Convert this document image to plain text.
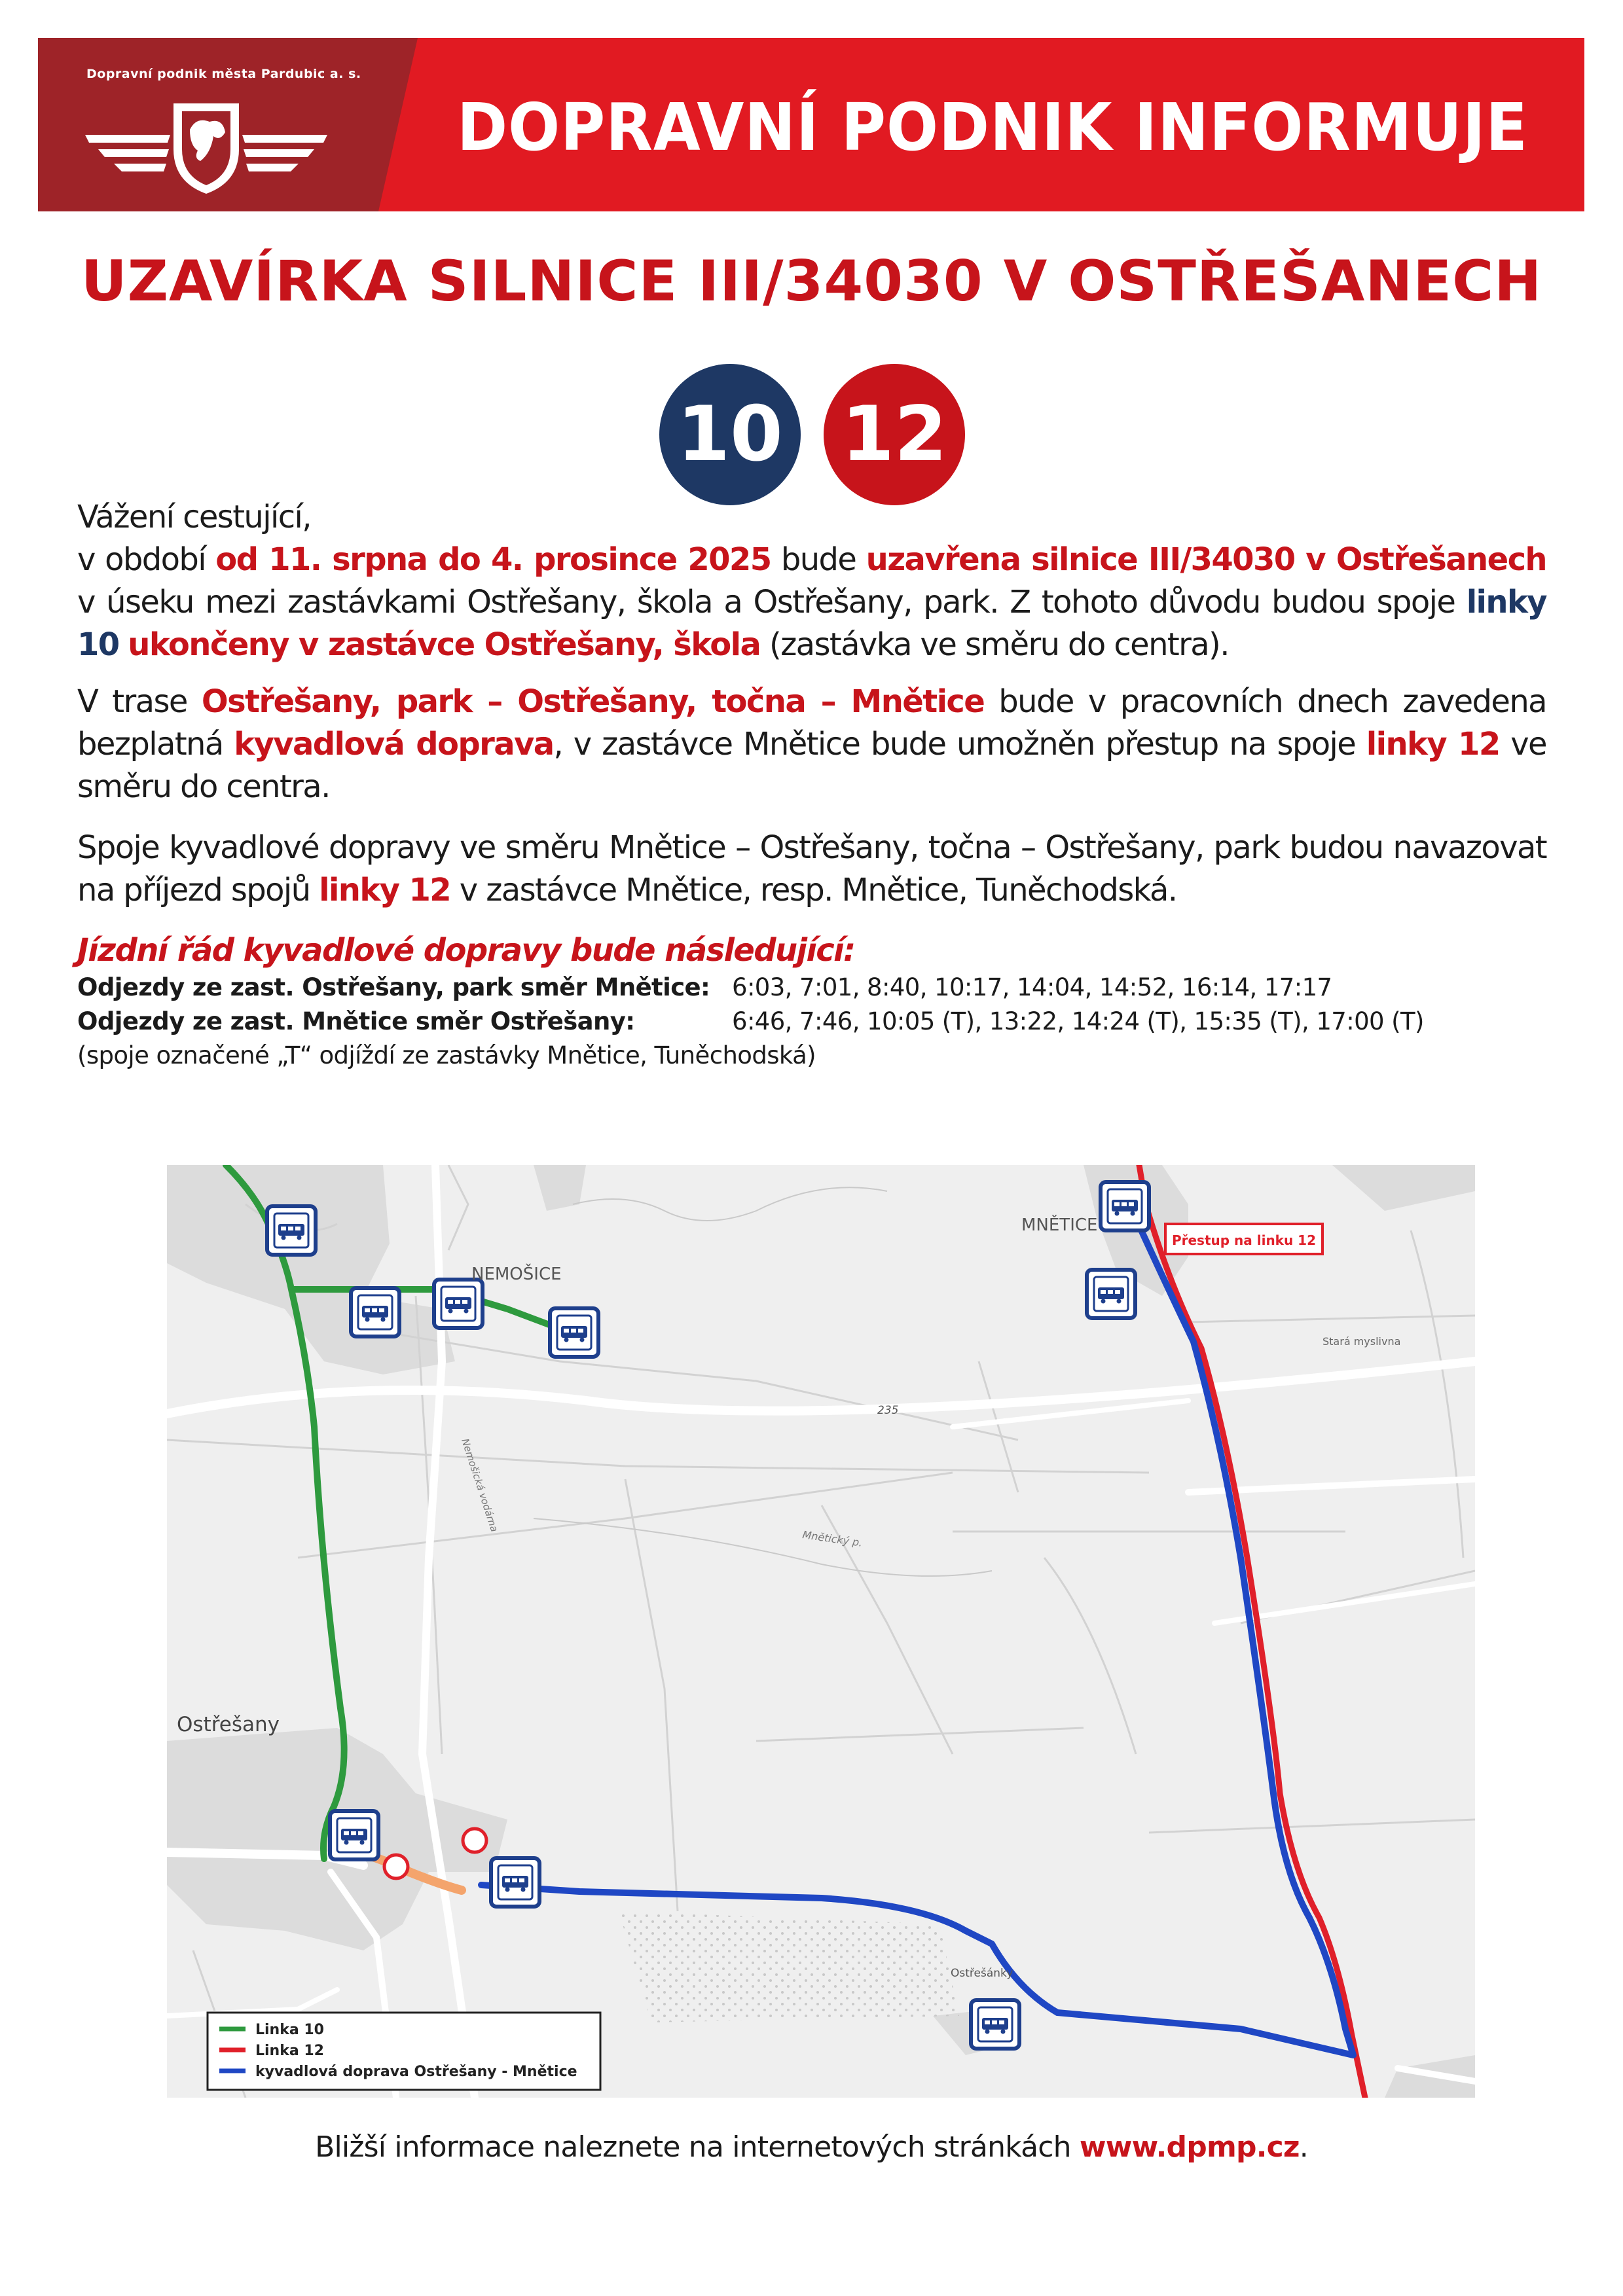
Dopravní podnik města Pardubic a. s.
DOPRAVNÍ PODNIK INFORMUJE
UZAVÍRKA SILNICE III/34030 V OSTŘEŠANECH
10 12

Vážení cestující,
v období od 11. srpna do 4. prosince 2025 bude uzavřena silnice III/34030 v Ostřešanech v úseku mezi zastávkami Ostřešany, škola a Ostřešany, park. Z tohoto důvodu budou spoje linky 10 ukončeny v zastávce Ostřešany, škola (zastávka ve směru do centra).

V trase Ostřešany, park – Ostřešany, točna – Mnětice bude v pracovních dnech zavedena bezplatná kyvadlová doprava, v zastávce Mnětice bude umožněn přestup na spoje linky 12 ve směru do centra.

Spoje kyvadlové dopravy ve směru Mnětice – Ostřešany, točna – Ostřešany, park budou navazovat na příjezd spojů linky 12 v zastávce Mnětice, resp. Mnětice, Tuněchodská.

Jízdní řád kyvadlové dopravy bude následující:
Odjezdy ze zast. Ostřešany, park směr Mnětice: 6:03, 7:01, 8:40, 10:17, 14:04, 14:52, 16:14, 17:17
Odjezdy ze zast. Mnětice směr Ostřešany:	6:46, 7:46, 10:05 (T), 13:22, 14:24 (T), 15:35 (T), 17:00 (T)
(spoje označené „T“ odjíždí ze zastávky Mnětice, Tuněchodská)
NEMOŠICE
MNĚTICE
Ostřešany
Ostřešánky
Stará myslivna
235
Mnětický p.
Nemošická vodárna
Přestup na linku 12
Linka 10
Linka 12
kyvadlová doprava Ostřešany - Mnětice
Bližší informace naleznete na internetových stránkách www.dpmp.cz.
